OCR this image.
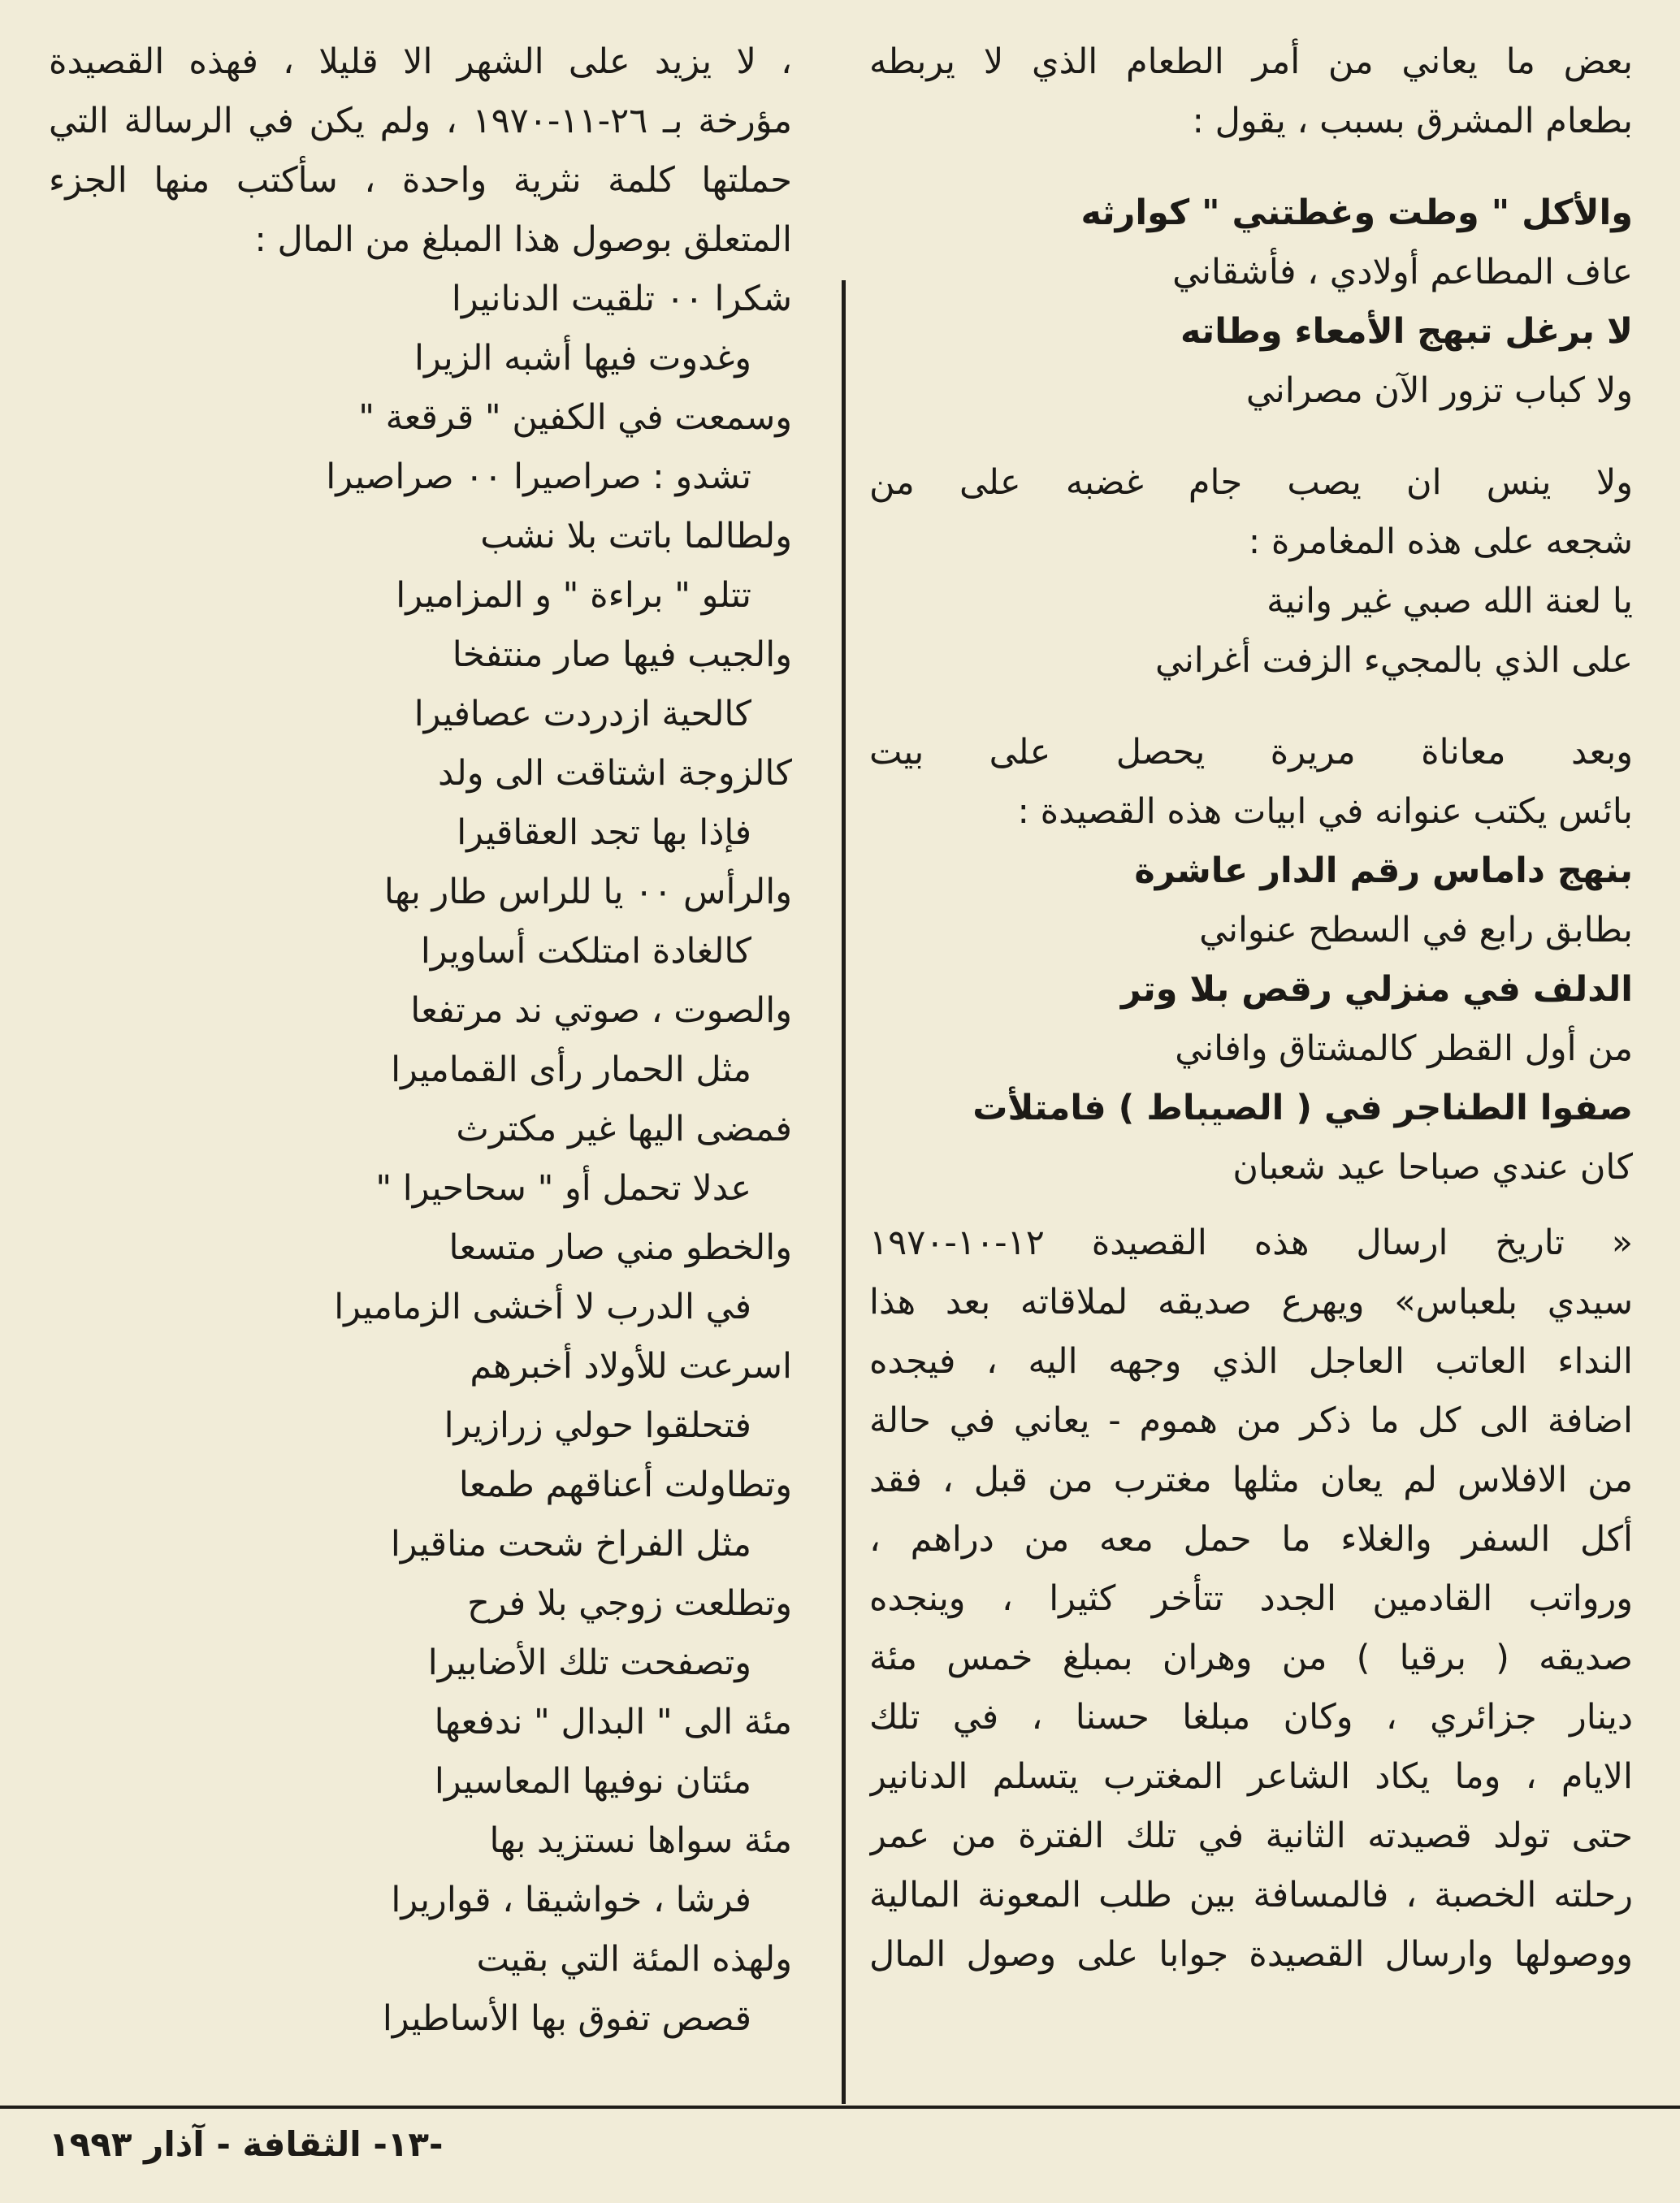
بعض ما يعاني من أمر الطعام الذي لا يربطه
بطعام المشرق بسبب ، يقول :
والأكل " وطت وغطتني " كوارثه
عاف المطاعم أولادي ، فأشقاني
لا برغل تبهج الأمعاء وطاته
ولا كباب تزور الآن مصراني
ولا ينس ان يصب جام غضبه على من
شجعه على هذه المغامرة :
يا لعنة الله صبي غير وانية
على الذي بالمجيء الزفت أغراني
وبعد معاناة مريرة يحصل على بيت
بائس يكتب عنوانه في ابيات هذه القصيدة :
بنهج داماس رقم الدار عاشرة
بطابق رابع في السطح عنواني
الدلف في منزلي رقص بلا وتر
من أول القطر كالمشتاق وافاني
صفوا الطناجر في ( الصيباط ) فامتلأت
كان عندي صباحا عيد شعبان
« تاريخ ارسال هذه القصيدة ١٢-١٠-١٩٧٠
سيدي بلعباس» ويهرع صديقه لملاقاته بعد هذا
النداء العاتب العاجل الذي وجهه اليه ، فيجده
اضافة الى كل ما ذكر من هموم - يعاني في حالة
من الافلاس لم يعان مثلها مغترب من قبل ، فقد
أكل السفر والغلاء ما حمل معه من دراهم ،
ورواتب القادمين الجدد تتأخر كثيرا ، وينجده
صديقه ( برقيا ) من وهران بمبلغ خمس مئة
دينار جزائري ، وكان مبلغا حسنا ، في تلك
الايام ، وما يكاد الشاعر المغترب يتسلم الدنانير
حتى تولد قصيدته الثانية في تلك الفترة من عمر
رحلته الخصبة ، فالمسافة بين طلب المعونة المالية
ووصولها وارسال القصيدة جوابا على وصول المال
، لا يزيد على الشهر الا قليلا ، فهذه القصيدة
مؤرخة بـ ٢٦-١١-١٩٧٠ ، ولم يكن في الرسالة التي
حملتها كلمة نثرية واحدة ، سأكتب منها الجزء
المتعلق بوصول هذا المبلغ من المال :
شكرا ٠٠ تلقيت الدنانيرا
وغدوت فيها أشبه الزيرا
وسمعت في الكفين " قرقعة "
تشدو : صراصيرا ٠٠ صراصيرا
ولطالما باتت بلا نشب
تتلو " براءة " و المزاميرا
والجيب فيها صار منتفخا
كالحية ازدردت عصافيرا
كالزوجة اشتاقت الى ولد
فإذا بها تجد العقاقيرا
والرأس ٠٠ يا للراس طار بها
كالغادة امتلكت أساويرا
والصوت ، صوتي ند مرتفعا
مثل الحمار رأى القماميرا
فمضى اليها غير مكترث
عدلا تحمل أو " سحاحيرا "
والخطو مني صار متسعا
في الدرب لا أخشى الزماميرا
اسرعت للأولاد أخبرهم
فتحلقوا حولي زرازيرا
وتطاولت أعناقهم طمعا
مثل الفراخ شحت مناقيرا
وتطلعت زوجي بلا فرح
وتصفحت تلك الأضابيرا
مئة الى " البدال " ندفعها
مئتان نوفيها المعاسيرا
مئة سواها نستزيد بها
فرشا ، خواشيقا ، قواريرا
ولهذه المئة التي بقيت
قصص تفوق بها الأساطيرا
-١٣- الثقافة - آذار ١٩٩٣
